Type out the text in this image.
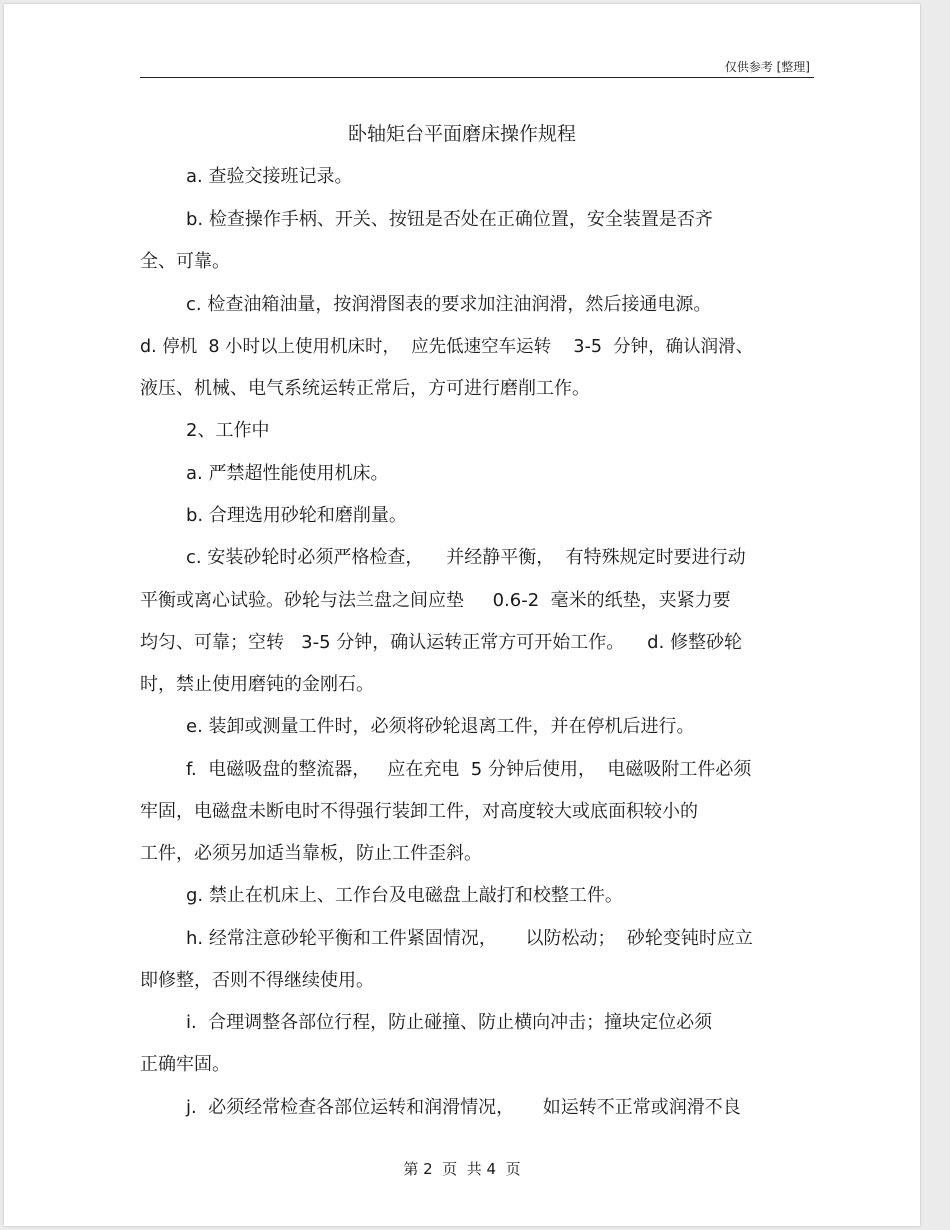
仅供参考 [整理]
卧轴矩台平面磨床操作规程
a. 查验交接班记录。
b. 检查操作手柄、开关、按钮是否处在正确位置，安全装置是否齐
全、可靠。
c. 检查油箱油量，按润滑图表的要求加注油润滑，然后接通电源。
d. 停机  8 小时以上使用机床时，  应先低速空车运转    3-5  分钟，确认润滑、
液压、机械、电气系统运转正常后，方可进行磨削工作。
2、工作中
a. 严禁超性能使用机床。
b. 合理选用砂轮和磨削量。
c. 安装砂轮时必须严格检查，    并经静平衡，  有特殊规定时要进行动
平衡或离心试验。砂轮与法兰盘之间应垫     0.6-2  毫米的纸垫，夹紧力要
均匀、可靠；空转   3-5 分钟，确认运转正常方可开始工作。    d. 修整砂轮
时，禁止使用磨钝的金刚石。
e. 装卸或测量工件时，必须将砂轮退离工件，并在停机后进行。
f.  电磁吸盘的整流器，   应在充电  5 分钟后使用，  电磁吸附工件必须
牢固，电磁盘未断电时不得强行装卸工件，对高度较大或底面积较小的
工件，必须另加适当靠板，防止工件歪斜。
g. 禁止在机床上、工作台及电磁盘上敲打和校整工件。
h. 经常注意砂轮平衡和工件紧固情况，     以防松动；  砂轮变钝时应立
即修整，否则不得继续使用。
i.  合理调整各部位行程，防止碰撞、防止横向冲击；撞块定位必须
正确牢固。
j.  必须经常检查各部位运转和润滑情况，     如运转不正常或润滑不良
第 2  页  共 4  页
